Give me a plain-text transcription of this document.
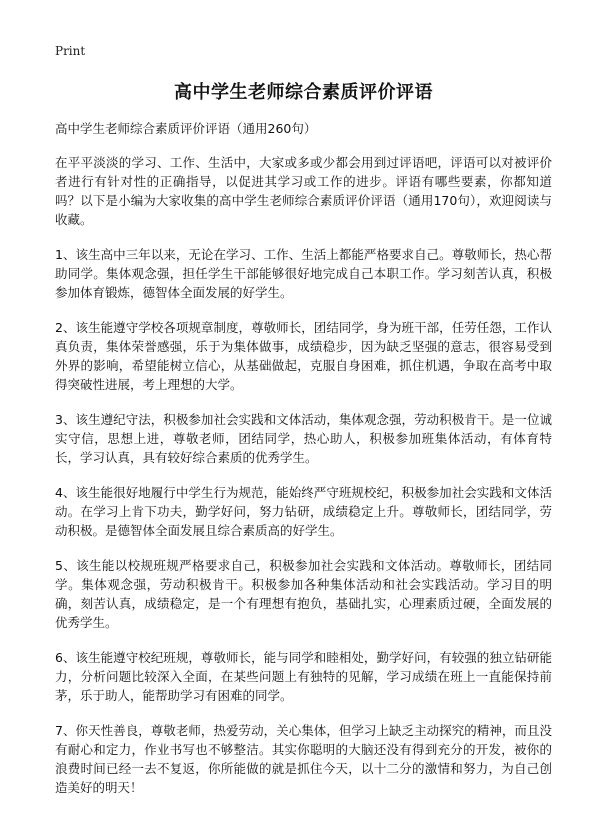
Print
高中学生老师综合素质评价评语

高中学生老师综合素质评价评语（通用260句）

在平平淡淡的学习、工作、生活中，大家或多或少都会用到过评语吧，评语可以对被评价者进行有针对性的正确指导，以促进其学习或工作的进步。评语有哪些要素，你都知道吗？以下是小编为大家收集的高中学生老师综合素质评价评语（通用170句），欢迎阅读与收藏。

1、该生高中三年以来，无论在学习、工作、生活上都能严格要求自己。尊敬师长，热心帮助同学。集体观念强，担任学生干部能够很好地完成自己本职工作。学习刻苦认真，积极参加体育锻炼，德智体全面发展的好学生。

2、该生能遵守学校各项规章制度，尊敬师长，团结同学，身为班干部，任劳任怨，工作认真负责，集体荣誉感强，乐于为集体做事，成绩稳步，因为缺乏坚强的意志，很容易受到外界的影响，希望能树立信心，从基础做起，克服自身困难，抓住机遇，争取在高考中取得突破性进展，考上理想的大学。

3、该生遵纪守法，积极参加社会实践和文体活动，集体观念强，劳动积极肯干。是一位诚实守信，思想上进，尊敬老师，团结同学，热心助人，积极参加班集体活动，有体育特长，学习认真，具有较好综合素质的优秀学生。

4、该生能很好地履行中学生行为规范，能始终严守班规校纪，积极参加社会实践和文体活动。在学习上肯下功夫，勤学好问，努力钻研，成绩稳定上升。尊敬师长，团结同学，劳动积极。是德智体全面发展且综合素质高的好学生。

5、该生能以校规班规严格要求自己，积极参加社会实践和文体活动。尊敬师长，团结同学。集体观念强，劳动积极肯干。积极参加各种集体活动和社会实践活动。学习目的明确，刻苦认真，成绩稳定，是一个有理想有抱负，基础扎实，心理素质过硬，全面发展的优秀学生。

6、该生能遵守校纪班规，尊敬师长，能与同学和睦相处，勤学好问，有较强的独立钻研能力，分析问题比较深入全面，在某些问题上有独特的见解，学习成绩在班上一直能保持前茅，乐于助人，能帮助学习有困难的同学。

7、你天性善良，尊敬老师，热爱劳动，关心集体，但学习上缺乏主动探究的精神，而且没有耐心和定力，作业书写也不够整洁。其实你聪明的大脑还没有得到充分的开发，被你的浪费时间已经一去不复返，你所能做的就是抓住今天，以十二分的激情和努力，为自己创造美好的明天！
